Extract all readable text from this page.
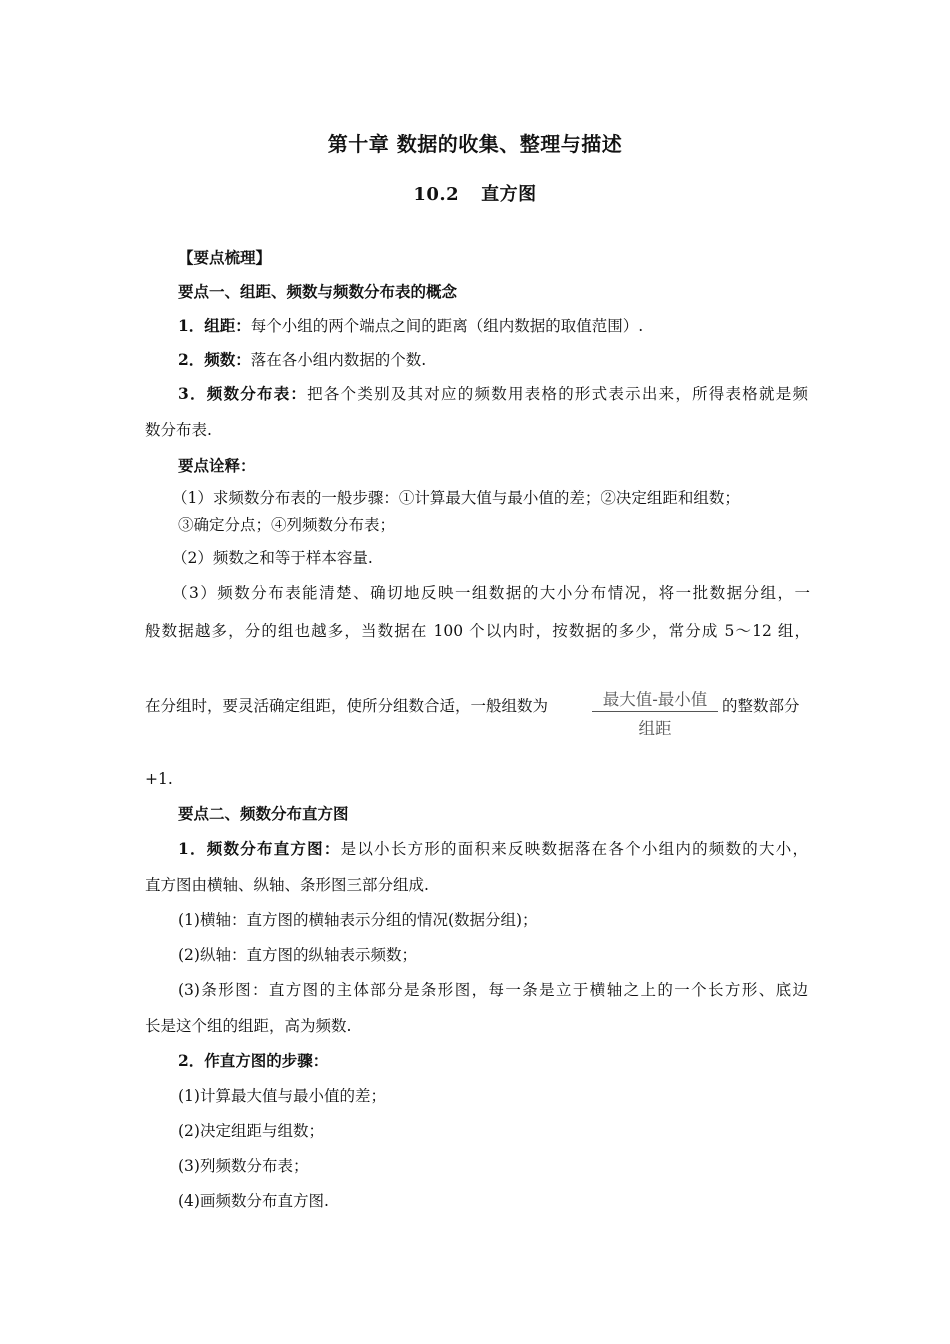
第十章 数据的收集、整理与描述
10.2 直方图
【要点梳理】
要点一、组距、频数与频数分布表的概念
1．组距：每个小组的两个端点之间的距离（组内数据的取值范围）.
2．频数：落在各小组内数据的个数.
3．频数分布表：把各个类别及其对应的频数用表格的形式表示出来，所得表格就是频
数分布表.
要点诠释：
（1）求频数分布表的一般步骤：①计算最大值与最小值的差；②决定组距和组数；
③确定分点；④列频数分布表；
（2）频数之和等于样本容量.
（3）频数分布表能清楚、确切地反映一组数据的大小分布情况，将一批数据分组，一
般数据越多，分的组也越多，当数据在 100 个以内时，按数据的多少，常分成 5～12 组，
在分组时，要灵活确定组距，使所分组数合适，一般组数为	最大值-最小值
组距
的整数部分
+1.
要点二、频数分布直方图
1．频数分布直方图：是以小长方形的面积来反映数据落在各个小组内的频数的大小，
直方图由横轴、纵轴、条形图三部分组成.
(1)横轴：直方图的横轴表示分组的情况(数据分组)；
(2)纵轴：直方图的纵轴表示频数；
(3)条形图：直方图的主体部分是条形图，每一条是立于横轴之上的一个长方形、底边
长是这个组的组距，高为频数.
2．作直方图的步骤：
(1)计算最大值与最小值的差；
(2)决定组距与组数；
(3)列频数分布表；
(4)画频数分布直方图.
